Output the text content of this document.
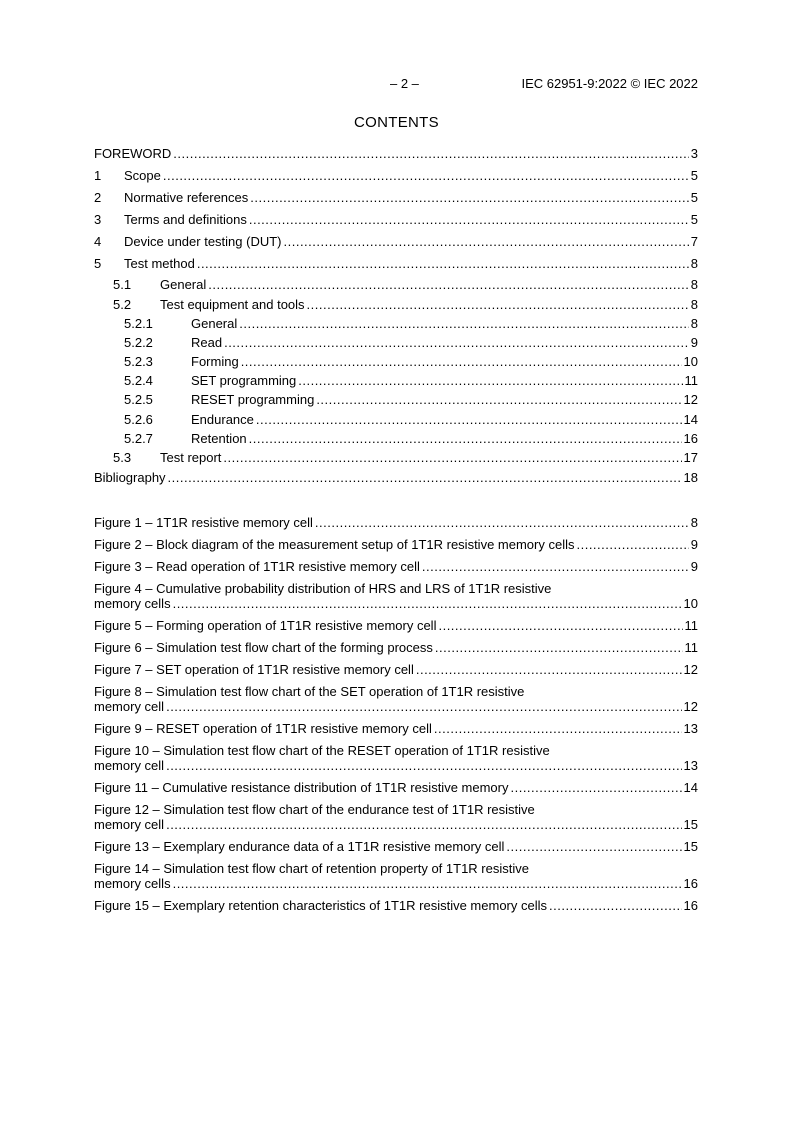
– 2 –	IEC 62951-9:2022 © IEC 2022
CONTENTS
FOREWORD .....	3
1	Scope .....	5
2	Normative references .....	5
3	Terms and definitions .....	5
4	Device under testing (DUT) .....	7
5	Test method .....	8
5.1	General .....	8
5.2	Test equipment and tools .....	8
5.2.1	General .....	8
5.2.2	Read .....	9
5.2.3	Forming .....	10
5.2.4	SET programming .....	11
5.2.5	RESET programming .....	12
5.2.6	Endurance .....	14
5.2.7	Retention .....	16
5.3	Test report .....	17
Bibliography .....	18
Figure 1 – 1T1R resistive memory cell .....	8
Figure 2 – Block diagram of the measurement setup of 1T1R resistive memory cells .....	9
Figure 3 – Read operation of 1T1R resistive memory cell .....	9
Figure 4 – Cumulative probability distribution of HRS and LRS of 1T1R resistive
memory cells .....	10
Figure 5 – Forming operation of 1T1R resistive memory cell .....	11
Figure 6 – Simulation test flow chart of the forming process .....	11
Figure 7 – SET operation of 1T1R resistive memory cell .....	12
Figure 8 – Simulation test flow chart of the SET operation of 1T1R resistive
memory cell .....	12
Figure 9 – RESET operation of 1T1R resistive memory cell .....	13
Figure 10 – Simulation test flow chart of the RESET operation of 1T1R resistive
memory cell .....	13
Figure 11 – Cumulative resistance distribution of 1T1R resistive memory .....	14
Figure 12 – Simulation test flow chart of the endurance test of 1T1R resistive
memory cell .....	15
Figure 13 – Exemplary endurance data of a 1T1R resistive memory cell .....	15
Figure 14 – Simulation test flow chart of retention property of 1T1R resistive
memory cells .....	16
Figure 15 – Exemplary retention characteristics of 1T1R resistive memory cells .....	16
